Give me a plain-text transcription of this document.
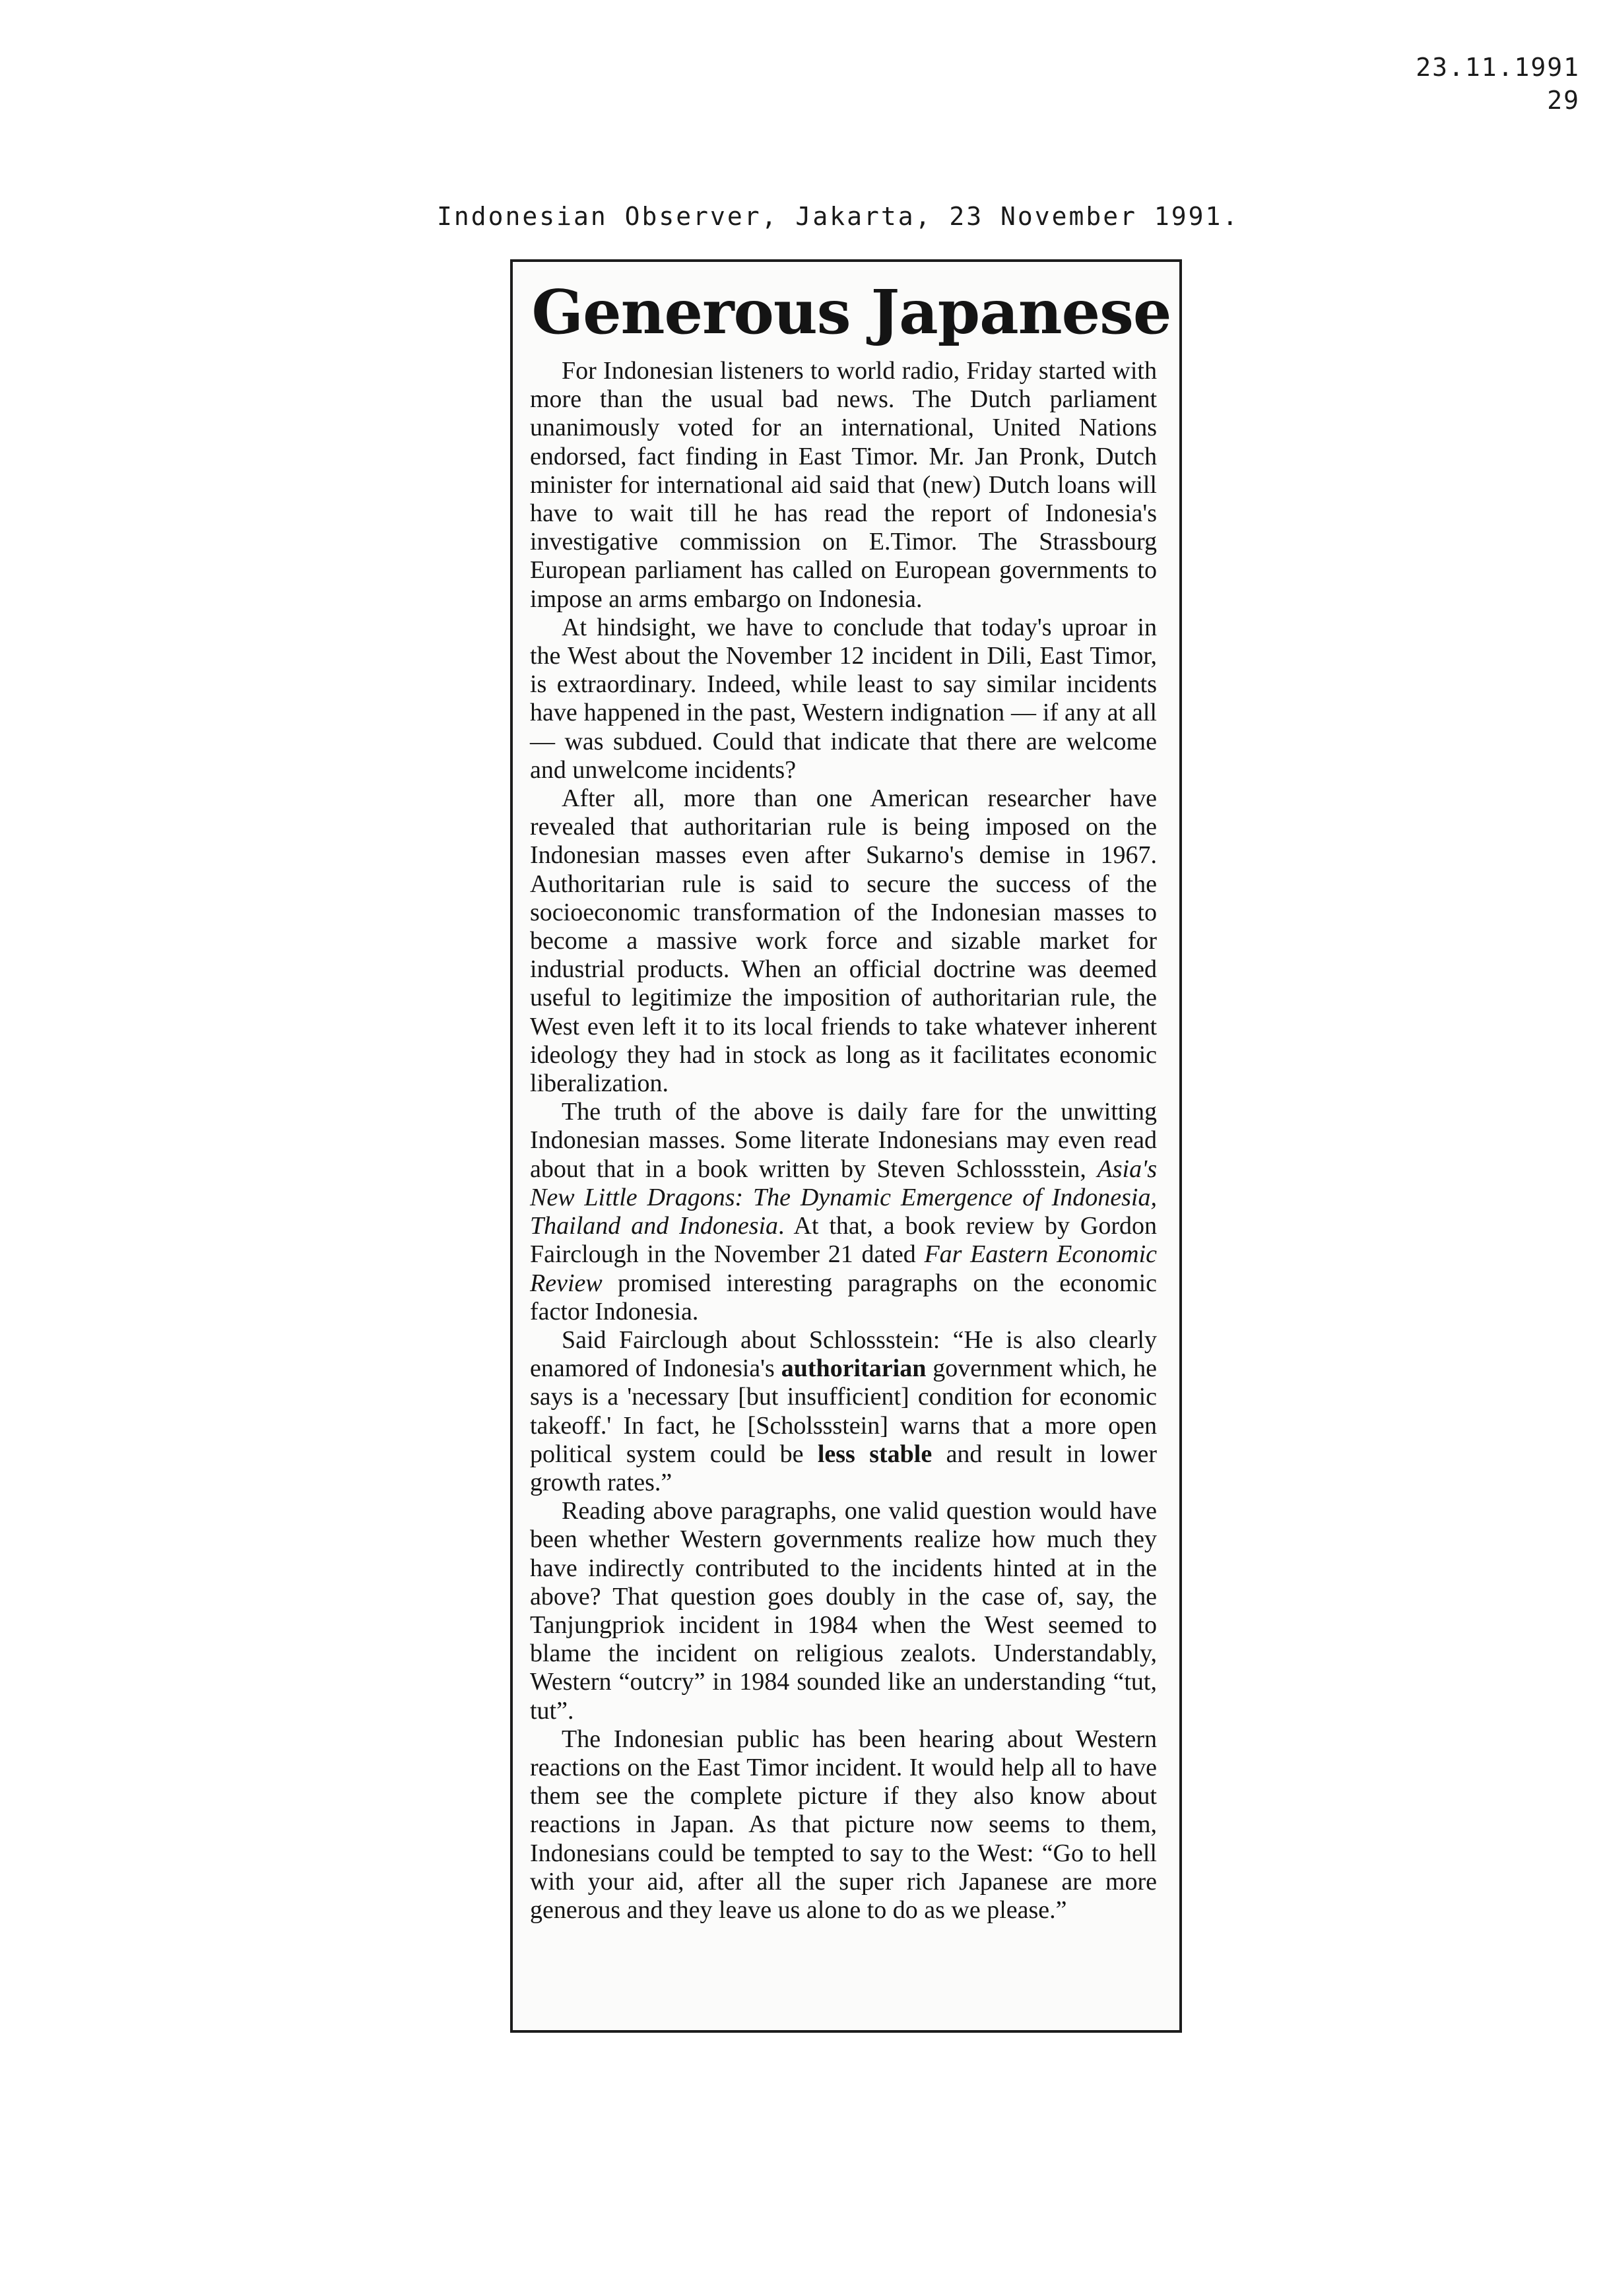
23.11.1991
29
Indonesian Observer, Jakarta, 23 November 1991.
Generous Japanese

For Indonesian listeners to world radio, Friday started with more than the usual bad news. The Dutch parliament unanimously voted for an international, United Nations endorsed, fact finding in East Timor. Mr. Jan Pronk, Dutch minister for international aid said that (new) Dutch loans will have to wait till he has read the report of Indonesia's investigative commission on E.Timor. The Strassbourg European parliament has called on European governments to impose an arms embargo on Indonesia.

At hindsight, we have to conclude that today's uproar in the West about the November 12 incident in Dili, East Timor, is extraordinary. Indeed, while least to say similar incidents have happened in the past, Western indignation — if any at all — was subdued. Could that indicate that there are welcome and unwelcome incidents?

After all, more than one American researcher have revealed that authoritarian rule is being imposed on the Indonesian masses even after Sukarno's demise in 1967. Authoritarian rule is said to secure the success of the socioeconomic transformation of the Indonesian masses to become a massive work force and sizable market for industrial products. When an official doctrine was deemed useful to legitimize the imposition of authoritarian rule, the West even left it to its local friends to take whatever inherent ideology they had in stock as long as it facilitates economic liberalization.

The truth of the above is daily fare for the unwitting Indonesian masses. Some literate Indonesians may even read about that in a book written by Steven Schlossstein, Asia's New Little Dragons: The Dynamic Emergence of Indonesia, Thailand and Indonesia. At that, a book review by Gordon Fairclough in the November 21 dated Far Eastern Economic Review promised interesting paragraphs on the economic factor Indonesia.

Said Fairclough about Schlossstein: “He is also clearly enamored of Indonesia's authoritarian government which, he says is a 'necessary [but insufficient] condition for economic takeoff.' In fact, he [Scholssstein] warns that a more open political system could be less stable and result in lower growth rates.”

Reading above paragraphs, one valid question would have been whether Western governments realize how much they have indirectly contributed to the incidents hinted at in the above? That question goes doubly in the case of, say, the Tanjungpriok incident in 1984 when the West seemed to blame the incident on religious zealots. Understandably, Western “outcry” in 1984 sounded like an understanding “tut, tut”.

The Indonesian public has been hearing about Western reactions on the East Timor incident. It would help all to have them see the complete picture if they also know about reactions in Japan. As that picture now seems to them, Indonesians could be tempted to say to the West: “Go to hell with your aid, after all the super rich Japanese are more generous and they leave us alone to do as we please.”
